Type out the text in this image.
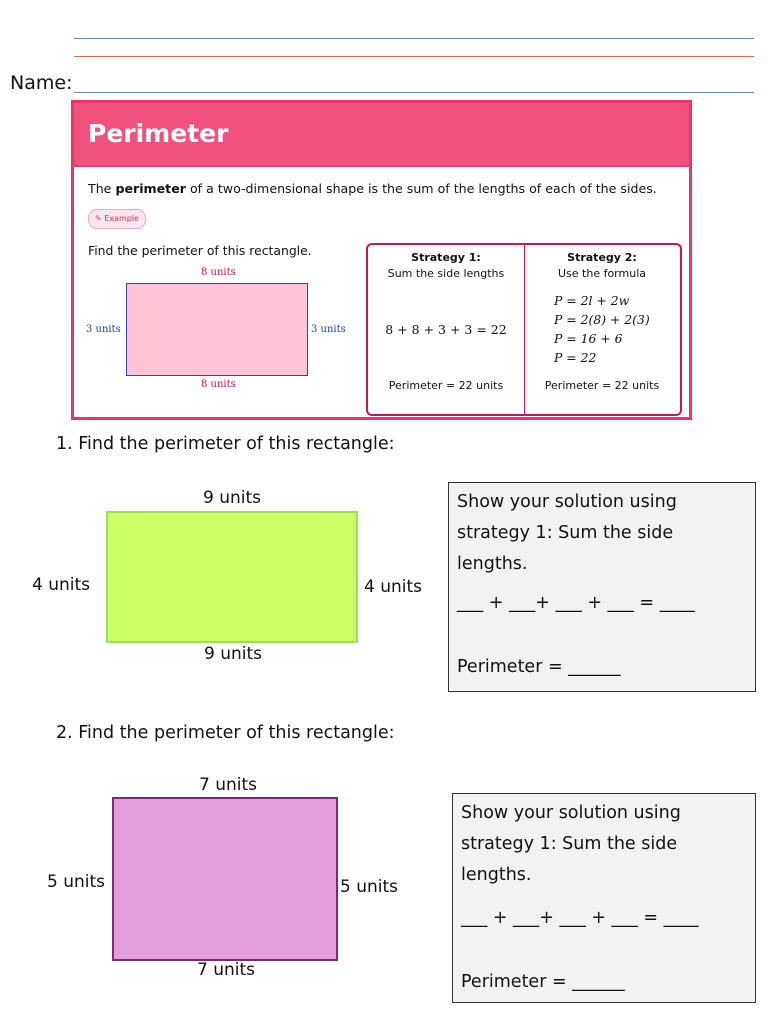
Name:
Perimeter
The perimeter of a two-dimensional shape is the sum of the lengths of each of the sides.
✎ Example
Find the perimeter of this rectangle.
8 units
8 units
3 units	3 units
Strategy 1:
Sum the side lengths
8 + 8 + 3 + 3 = 22
Perimeter = 22 units
Strategy 2:
Use the formula
P = 2l + 2w
P = 2(8) + 2(3)
P = 16 + 6
P = 22
Perimeter = 22 units
1. Find the perimeter of this rectangle:
9 units
4 units	4 units
9 units
Show your solution using strategy 1: Sum the side lengths.
___ + ___+ ___ + ___ = ____
Perimeter = ______
2. Find the perimeter of this rectangle:
7 units
5 units	5 units
7 units
Show your solution using strategy 1: Sum the side lengths.
___ + ___+ ___ + ___ = ____
Perimeter = ______
